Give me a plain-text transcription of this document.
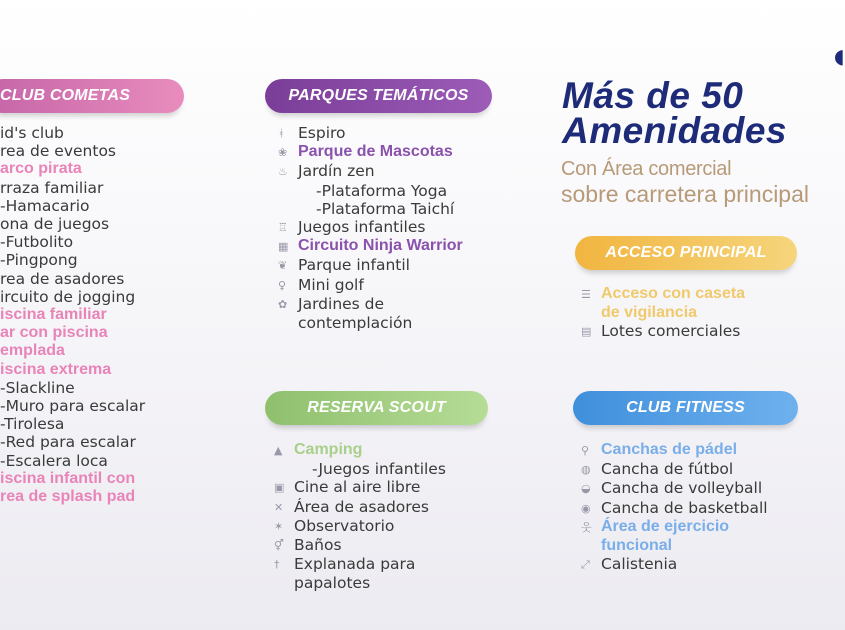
Más de 50
Amenidades
Con Área comercial
sobre carretera principal
◖
CLUB COMETAS	PARQUES TEMÁTICOS
ACCESO PRINCIPAL
RESERVA SCOUT	CLUB FITNESS
id's club
rea de eventos
arco pirata
rraza familiar
-Hamacario
ona de juegos
-Futbolito
-Pingpong
rea de asadores
ircuito de jogging
iscina familiar
ar con piscina
emplada
iscina extrema
-Slackline
-Muro para escalar
-Tirolesa
-Red para escalar
-Escalera loca
iscina infantil con
rea de splash pad
ᚼ Espiro
❀ Parque de Mascotas
♨ Jardín zen
-Plataforma Yoga
-Plataforma Taichí
♖ Juegos infantiles
▦ Circuito Ninja Warrior
❦ Parque infantil
♀ Mini golf
✿ Jardines de
contemplación
☰ Acceso con caseta
de vigilancia
▤ Lotes comerciales
▲ Camping
-Juegos infantiles
▣ Cine al aire libre
✕ Área de asadores
✶ Observatorio
⚥ Baños
† Explanada para
papalotes
⚲ Canchas de pádel
◍ Cancha de fútbol
◒ Cancha de volleyball
◉ Cancha de basketball
웃 Área de ejercicio
funcional
⤢ Calistenia
